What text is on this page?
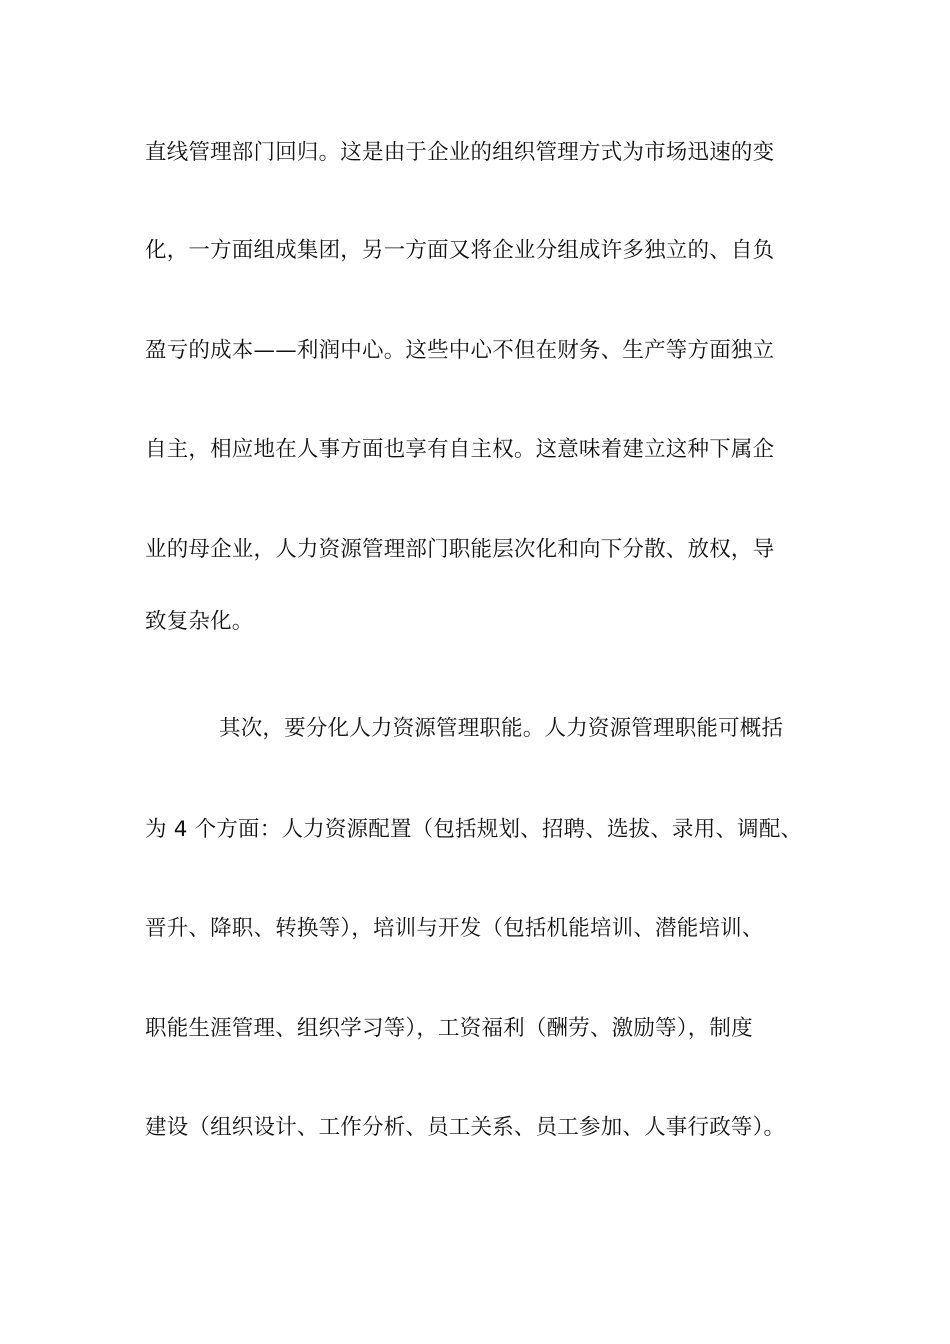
直线管理部门回归。这是由于企业的组织管理方式为市场迅速的变
化，一方面组成集团，另一方面又将企业分组成许多独立的、自负
盈亏的成本——利润中心。这些中心不但在财务、生产等方面独立
自主，相应地在人事方面也享有自主权。这意味着建立这种下属企
业的母企业，人力资源管理部门职能层次化和向下分散、放权，导
致复杂化。
其次，要分化人力资源管理职能。人力资源管理职能可概括
为 4 个方面：人力资源配置（包括规划、招聘、选拔、录用、调配、
晋升、降职、转换等），培训与开发（包括机能培训、潜能培训、
职能生涯管理、组织学习等），工资福利（酬劳、激励等），制度
建设（组织设计、工作分析、员工关系、员工参加、人事行政等）。
